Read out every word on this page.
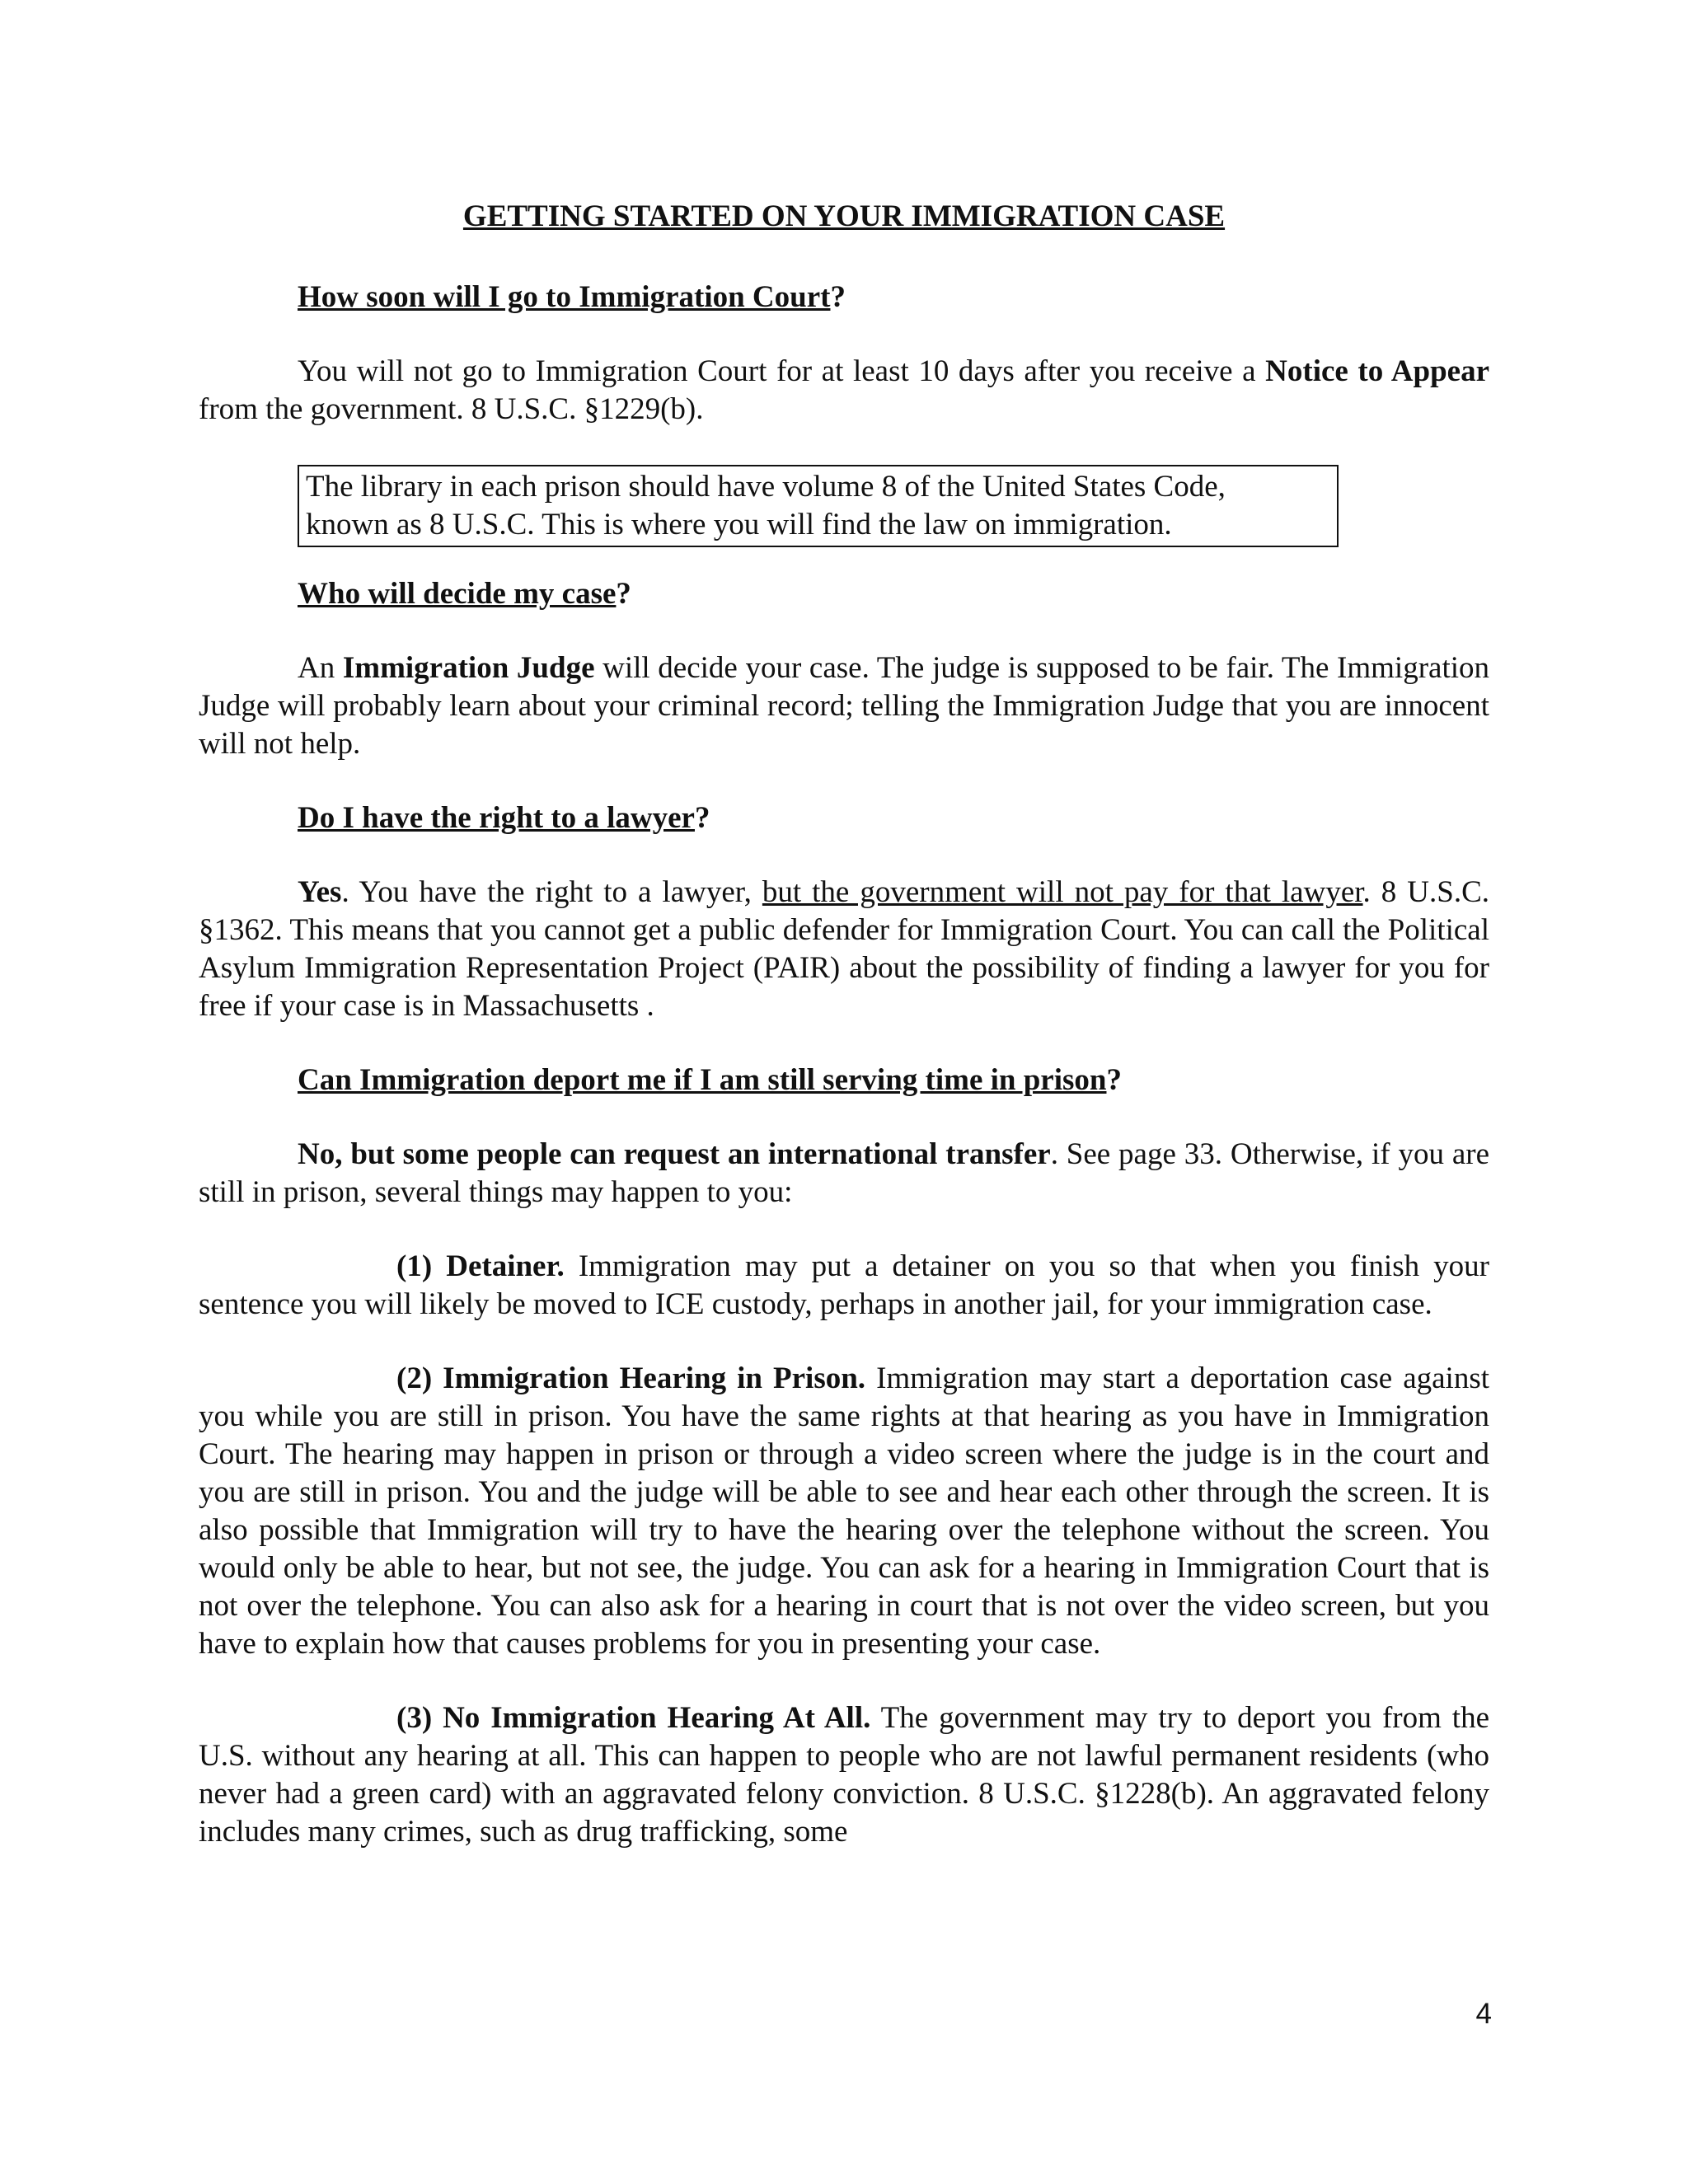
GETTING STARTED ON YOUR IMMIGRATION CASE
How soon will I go to Immigration Court?

You will not go to Immigration Court for at least 10 days after you receive a Notice to Appear from the government. 8 U.S.C. §1229(b).

The library in each prison should have volume 8 of the United States Code,
known as 8 U.S.C. This is where you will find the law on immigration.
Who will decide my case?

An Immigration Judge will decide your case. The judge is supposed to be fair. The Immigration Judge will probably learn about your criminal record; telling the Immigration Judge that you are innocent will not help.

Do I have the right to a lawyer?

Yes. You have the right to a lawyer, but the government will not pay for that lawyer. 8 U.S.C. §1362. This means that you cannot get a public defender for Immigration Court. You can call the Political Asylum Immigration Representation Project (PAIR) about the possibility of finding a lawyer for you for free if your case is in Massachusetts .

Can Immigration deport me if I am still serving time in prison?

No, but some people can request an international transfer. See page 33. Otherwise, if you are still in prison, several things may happen to you:

(1) Detainer. Immigration may put a detainer on you so that when you finish your sentence you will likely be moved to ICE custody, perhaps in another jail, for your immigration case.

(2) Immigration Hearing in Prison. Immigration may start a deportation case against you while you are still in prison. You have the same rights at that hearing as you have in Immigration Court. The hearing may happen in prison or through a video screen where the judge is in the court and you are still in prison. You and the judge will be able to see and hear each other through the screen. It is also possible that Immigration will try to have the hearing over the telephone without the screen. You would only be able to hear, but not see, the judge. You can ask for a hearing in Immigration Court that is not over the telephone. You can also ask for a hearing in court that is not over the video screen, but you have to explain how that causes problems for you in presenting your case.

(3) No Immigration Hearing At All. The government may try to deport you from the U.S. without any hearing at all. This can happen to people who are not lawful permanent residents (who never had a green card) with an aggravated felony conviction. 8 U.S.C. §1228(b). An aggravated felony includes many crimes, such as drug trafficking, some

4
